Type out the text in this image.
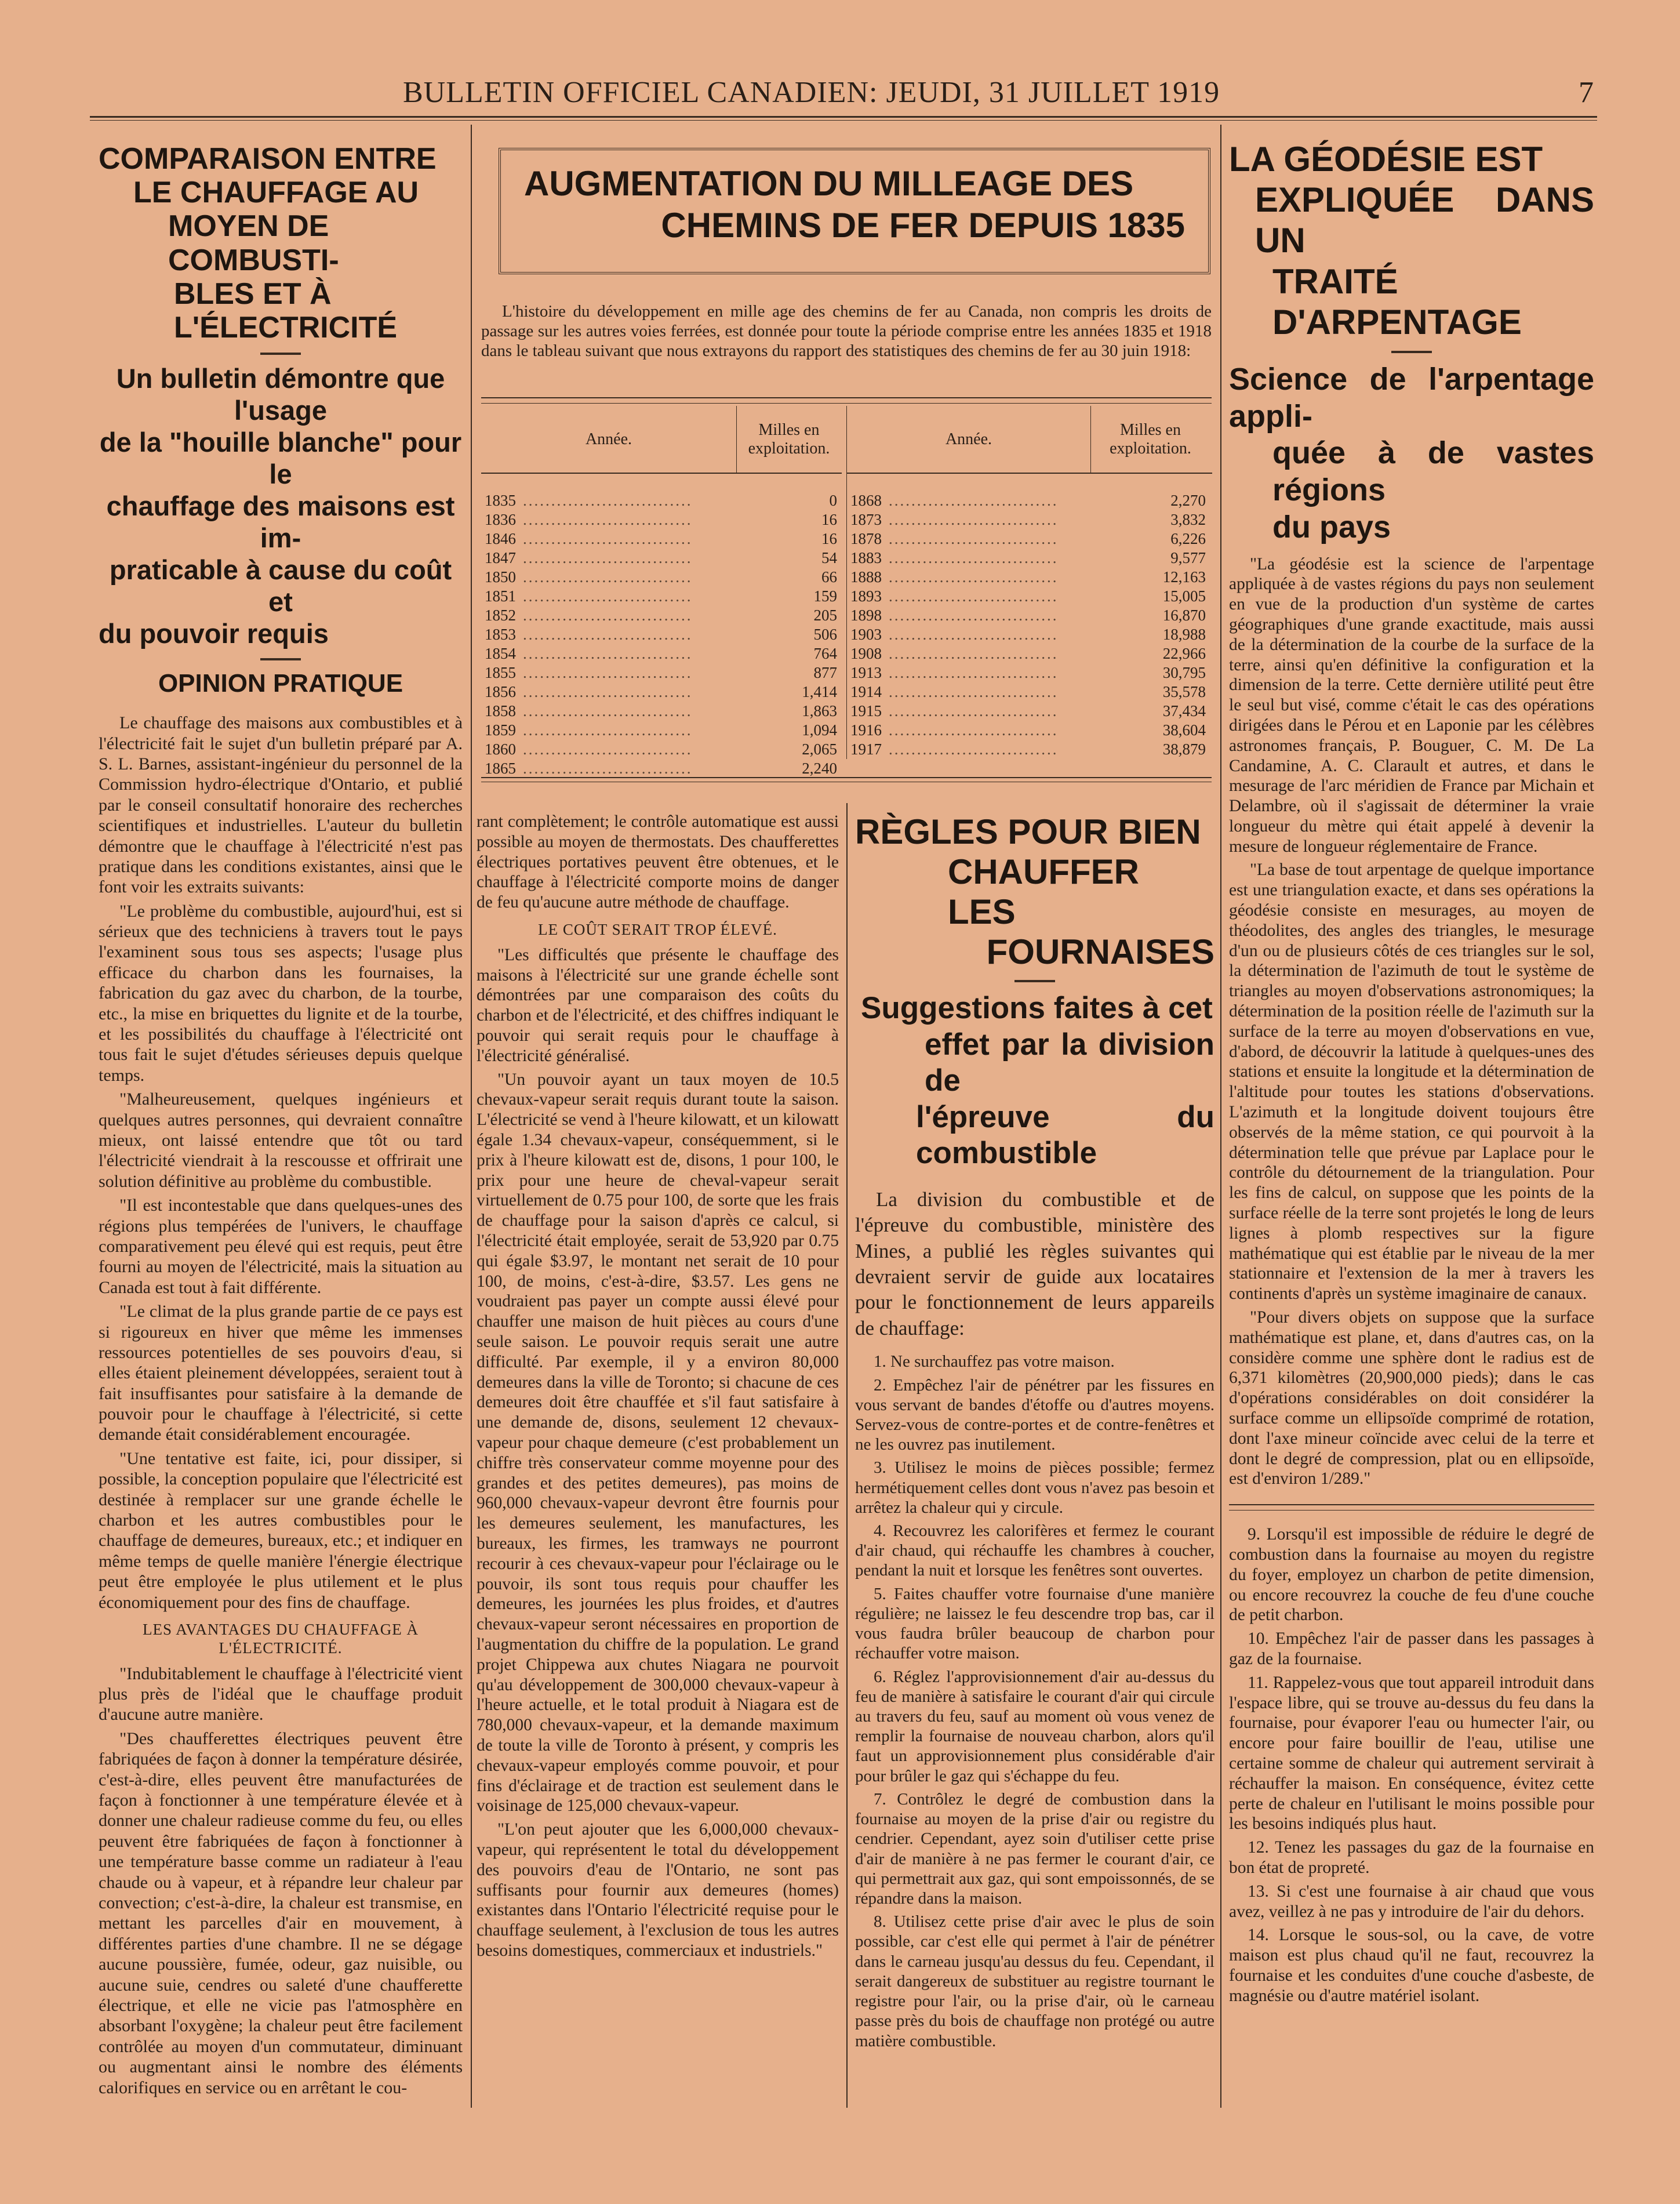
BULLETIN OFFICIEL CANADIEN: JEUDI, 31 JUILLET 1919	7
COMPARAISON ENTRE
LE CHAUFFAGE AU
MOYEN DE COMBUSTI-
BLES ET À L'ÉLECTRICITÉ
Un bulletin démontre que l'usage
de la "houille blanche" pour le
chauffage des maisons est im-
praticable à cause du coût et
du pouvoir requis
OPINION PRATIQUE

Le chauffage des maisons aux combustibles et à l'électricité fait le sujet d'un bulletin préparé par A. S. L. Barnes, assistant-ingénieur du personnel de la Commission hydro-électrique d'Ontario, et publié par le conseil consultatif honoraire des recherches scientifiques et industrielles. L'auteur du bulletin démontre que le chauffage à l'électricité n'est pas pratique dans les conditions existantes, ainsi que le font voir les extraits suivants:

"Le problème du combustible, aujourd'hui, est si sérieux que des techniciens à travers tout le pays l'examinent sous tous ses aspects; l'usage plus efficace du charbon dans les fournaises, la fabrication du gaz avec du charbon, de la tourbe, etc., la mise en briquettes du lignite et de la tourbe, et les possibilités du chauffage à l'électricité ont tous fait le sujet d'études sérieuses depuis quelque temps.

"Malheureusement, quelques ingénieurs et quelques autres personnes, qui devraient connaître mieux, ont laissé entendre que tôt ou tard l'électricité viendrait à la rescousse et offrirait une solution définitive au problème du combustible.

"Il est incontestable que dans quelques-unes des régions plus tempérées de l'univers, le chauffage comparativement peu élevé qui est requis, peut être fourni au moyen de l'électricité, mais la situation au Canada est tout à fait différente.

"Le climat de la plus grande partie de ce pays est si rigoureux en hiver que même les immenses ressources potentielles de ses pouvoirs d'eau, si elles étaient pleinement développées, seraient tout à fait insuffisantes pour satisfaire à la demande de pouvoir pour le chauffage à l'électricité, si cette demande était considérablement encouragée.

"Une tentative est faite, ici, pour dissiper, si possible, la conception populaire que l'électricité est destinée à remplacer sur une grande échelle le charbon et les autres combustibles pour le chauffage de demeures, bureaux, etc.; et indiquer en même temps de quelle manière l'énergie électrique peut être employée le plus utilement et le plus économiquement pour des fins de chauffage.

LES AVANTAGES DU CHAUFFAGE À L'ÉLECTRICITÉ.

"Indubitablement le chauffage à l'électricité vient plus près de l'idéal que le chauffage produit d'aucune autre manière.

"Des chaufferettes électriques peuvent être fabriquées de façon à donner la température désirée, c'est-à-dire, elles peuvent être manufacturées de façon à fonctionner à une température élevée et à donner une chaleur radieuse comme du feu, ou elles peuvent être fabriquées de façon à fonctionner à une température basse comme un radiateur à l'eau chaude ou à vapeur, et à répandre leur chaleur par convection; c'est-à-dire, la chaleur est transmise, en mettant les parcelles d'air en mouvement, à différentes parties d'une chambre. Il ne se dégage aucune poussière, fumée, odeur, gaz nuisible, ou aucune suie, cendres ou saleté d'une chaufferette électrique, et elle ne vicie pas l'atmosphère en absorbant l'oxygène; la chaleur peut être facilement contrôlée au moyen d'un commutateur, diminuant ou augmentant ainsi le nombre des éléments calorifiques en service ou en arrêtant le cou-

AUGMENTATION DU MILLEAGE DES
CHEMINS DE FER DEPUIS 1835

L'histoire du développement en mille age des chemins de fer au Canada, non compris les droits de passage sur les autres voies ferrées, est donnée pour toute la période comprise entre les années 1835 et 1918 dans le tableau suivant que nous extrayons du rapport des statistiques des chemins de fer au 30 juin 1918:

Année.
Milles en exploitation.
1835	..............................	0
1836	..............................	16
1846	..............................	16
1847	..............................	54
1850	..............................	66
1851	..............................	159
1852	..............................	205
1853	..............................	506
1854	..............................	764
1855	..............................	877
1856	..............................	1,414
1858	..............................	1,863
1859	..............................	1,094
1860	..............................	2,065
1865	..............................	2,240
Année.
Milles en exploitation.
1868	..............................	2,270
1873	..............................	3,832
1878	..............................	6,226
1883	..............................	9,577
1888	..............................	12,163
1893	..............................	15,005
1898	..............................	16,870
1903	..............................	18,988
1908	..............................	22,966
1913	..............................	30,795
1914	..............................	35,578
1915	..............................	37,434
1916	..............................	38,604
1917	..............................	38,879

rant complètement; le contrôle automatique est aussi possible au moyen de thermostats. Des chaufferettes électriques portatives peuvent être obtenues, et le chauffage à l'électricité comporte moins de danger de feu qu'aucune autre méthode de chauffage.

LE COÛT SERAIT TROP ÉLEVÉ.

"Les difficultés que présente le chauffage des maisons à l'électricité sur une grande échelle sont démontrées par une comparaison des coûts du charbon et de l'électricité, et des chiffres indiquant le pouvoir qui serait requis pour le chauffage à l'électricité généralisé.

"Un pouvoir ayant un taux moyen de 10.5 chevaux-vapeur serait requis durant toute la saison. L'électricité se vend à l'heure kilowatt, et un kilowatt égale 1.34 chevaux-vapeur, conséquemment, si le prix à l'heure kilowatt est de, disons, 1 pour 100, le prix pour une heure de cheval-vapeur serait virtuellement de 0.75 pour 100, de sorte que les frais de chauffage pour la saison d'après ce calcul, si l'électricité était employée, serait de 53,920 par 0.75 qui égale $3.97, le montant net serait de 10 pour 100, de moins, c'est-à-dire, $3.57. Les gens ne voudraient pas payer un compte aussi élevé pour chauffer une maison de huit pièces au cours d'une seule saison. Le pouvoir requis serait une autre difficulté. Par exemple, il y a environ 80,000 demeures dans la ville de Toronto; si chacune de ces demeures doit être chauffée et s'il faut satisfaire à une demande de, disons, seulement 12 chevaux-vapeur pour chaque demeure (c'est probablement un chiffre très conservateur comme moyenne pour des grandes et des petites demeures), pas moins de 960,000 chevaux-vapeur devront être fournis pour les demeures seulement, les manufactures, les bureaux, les firmes, les tramways ne pourront recourir à ces chevaux-vapeur pour l'éclairage ou le pouvoir, ils sont tous requis pour chauffer les demeures, les journées les plus froides, et d'autres chevaux-vapeur seront nécessaires en proportion de l'augmentation du chiffre de la population. Le grand projet Chippewa aux chutes Niagara ne pourvoit qu'au développement de 300,000 chevaux-vapeur à l'heure actuelle, et le total produit à Niagara est de 780,000 chevaux-vapeur, et la demande maximum de toute la ville de Toronto à présent, y compris les chevaux-vapeur employés comme pouvoir, et pour fins d'éclairage et de traction est seulement dans le voisinage de 125,000 chevaux-vapeur.

"L'on peut ajouter que les 6,000,000 chevaux-vapeur, qui représentent le total du développement des pouvoirs d'eau de l'Ontario, ne sont pas suffisants pour fournir aux demeures (homes) existantes dans l'Ontario l'électricité requise pour le chauffage seulement, à l'exclusion de tous les autres besoins domestiques, commerciaux et industriels."

RÈGLES POUR BIEN
CHAUFFER LES
FOURNAISES
Suggestions faites à cet
effet par la division de
l'épreuve du combustible

La division du combustible et de l'épreuve du combustible, ministère des Mines, a publié les règles suivantes qui devraient servir de guide aux locataires pour le fonctionnement de leurs appareils de chauffage:

1. Ne surchauffez pas votre maison.

2. Empêchez l'air de pénétrer par les fissures en vous servant de bandes d'étoffe ou d'autres moyens. Servez-vous de contre-portes et de contre-fenêtres et ne les ouvrez pas inutilement.

3. Utilisez le moins de pièces possible; fermez hermétiquement celles dont vous n'avez pas besoin et arrêtez la chaleur qui y circule.

4. Recouvrez les calorifères et fermez le courant d'air chaud, qui réchauffe les chambres à coucher, pendant la nuit et lorsque les fenêtres sont ouvertes.

5. Faites chauffer votre fournaise d'une manière régulière; ne laissez le feu descendre trop bas, car il vous faudra brûler beaucoup de charbon pour réchauffer votre maison.

6. Réglez l'approvisionnement d'air au-dessus du feu de manière à satisfaire le courant d'air qui circule au travers du feu, sauf au moment où vous venez de remplir la fournaise de nouveau charbon, alors qu'il faut un approvisionnement plus considérable d'air pour brûler le gaz qui s'échappe du feu.

7. Contrôlez le degré de combustion dans la fournaise au moyen de la prise d'air ou registre du cendrier. Cependant, ayez soin d'utiliser cette prise d'air de manière à ne pas fermer le courant d'air, ce qui permettrait aux gaz, qui sont empoissonnés, de se répandre dans la maison.

8. Utilisez cette prise d'air avec le plus de soin possible, car c'est elle qui permet à l'air de pénétrer dans le carneau jusqu'au dessus du feu. Cependant, il serait dangereux de substituer au registre tournant le registre pour l'air, ou la prise d'air, où le carneau passe près du bois de chauffage non protégé ou autre matière combustible.

LA GÉODÉSIE EST
EXPLIQUÉE DANS UN
TRAITÉ D'ARPENTAGE
Science de l'arpentage appli-
quée à de vastes régions
du pays

"La géodésie est la science de l'arpentage appliquée à de vastes régions du pays non seulement en vue de la production d'un système de cartes géographiques d'une grande exactitude, mais aussi de la détermination de la courbe de la surface de la terre, ainsi qu'en définitive la configuration et la dimension de la terre. Cette dernière utilité peut être le seul but visé, comme c'était le cas des opérations dirigées dans le Pérou et en Laponie par les célèbres astronomes français, P. Bouguer, C. M. De La Candamine, A. C. Clarault et autres, et dans le mesurage de l'arc méridien de France par Michain et Delambre, où il s'agissait de déterminer la vraie longueur du mètre qui était appelé à devenir la mesure de longueur réglementaire de France.

"La base de tout arpentage de quelque importance est une triangulation exacte, et dans ses opérations la géodésie consiste en mesurages, au moyen de théodolites, des angles des triangles, le mesurage d'un ou de plusieurs côtés de ces triangles sur le sol, la détermination de l'azimuth de tout le système de triangles au moyen d'observations astronomiques; la détermination de la position réelle de l'azimuth sur la surface de la terre au moyen d'observations en vue, d'abord, de découvrir la latitude à quelques-unes des stations et ensuite la longitude et la détermination de l'altitude pour toutes les stations d'observations. L'azimuth et la longitude doivent toujours être observés de la même station, ce qui pourvoit à la détermination telle que prévue par Laplace pour le contrôle du détournement de la triangulation. Pour les fins de calcul, on suppose que les points de la surface réelle de la terre sont projetés le long de leurs lignes à plomb respectives sur la figure mathématique qui est établie par le niveau de la mer stationnaire et l'extension de la mer à travers les continents d'après un système imaginaire de canaux.

"Pour divers objets on suppose que la surface mathématique est plane, et, dans d'autres cas, on la considère comme une sphère dont le radius est de 6,371 kilomètres (20,900,000 pieds); dans le cas d'opérations considérables on doit considérer la surface comme un ellipsoïde comprimé de rotation, dont l'axe mineur coïncide avec celui de la terre et dont le degré de compression, plat ou en ellipsoïde, est d'environ 1/289."

9. Lorsqu'il est impossible de réduire le degré de combustion dans la fournaise au moyen du registre du foyer, employez un charbon de petite dimension, ou encore recouvrez la couche de feu d'une couche de petit charbon.

10. Empêchez l'air de passer dans les passages à gaz de la fournaise.

11. Rappelez-vous que tout appareil introduit dans l'espace libre, qui se trouve au-dessus du feu dans la fournaise, pour évaporer l'eau ou humecter l'air, ou encore pour faire bouillir de l'eau, utilise une certaine somme de chaleur qui autrement servirait à réchauffer la maison. En conséquence, évitez cette perte de chaleur en l'utilisant le moins possible pour les besoins indiqués plus haut.

12. Tenez les passages du gaz de la fournaise en bon état de propreté.

13. Si c'est une fournaise à air chaud que vous avez, veillez à ne pas y introduire de l'air du dehors.

14. Lorsque le sous-sol, ou la cave, de votre maison est plus chaud qu'il ne faut, recouvrez la fournaise et les conduites d'une couche d'asbeste, de magnésie ou d'autre matériel isolant.
